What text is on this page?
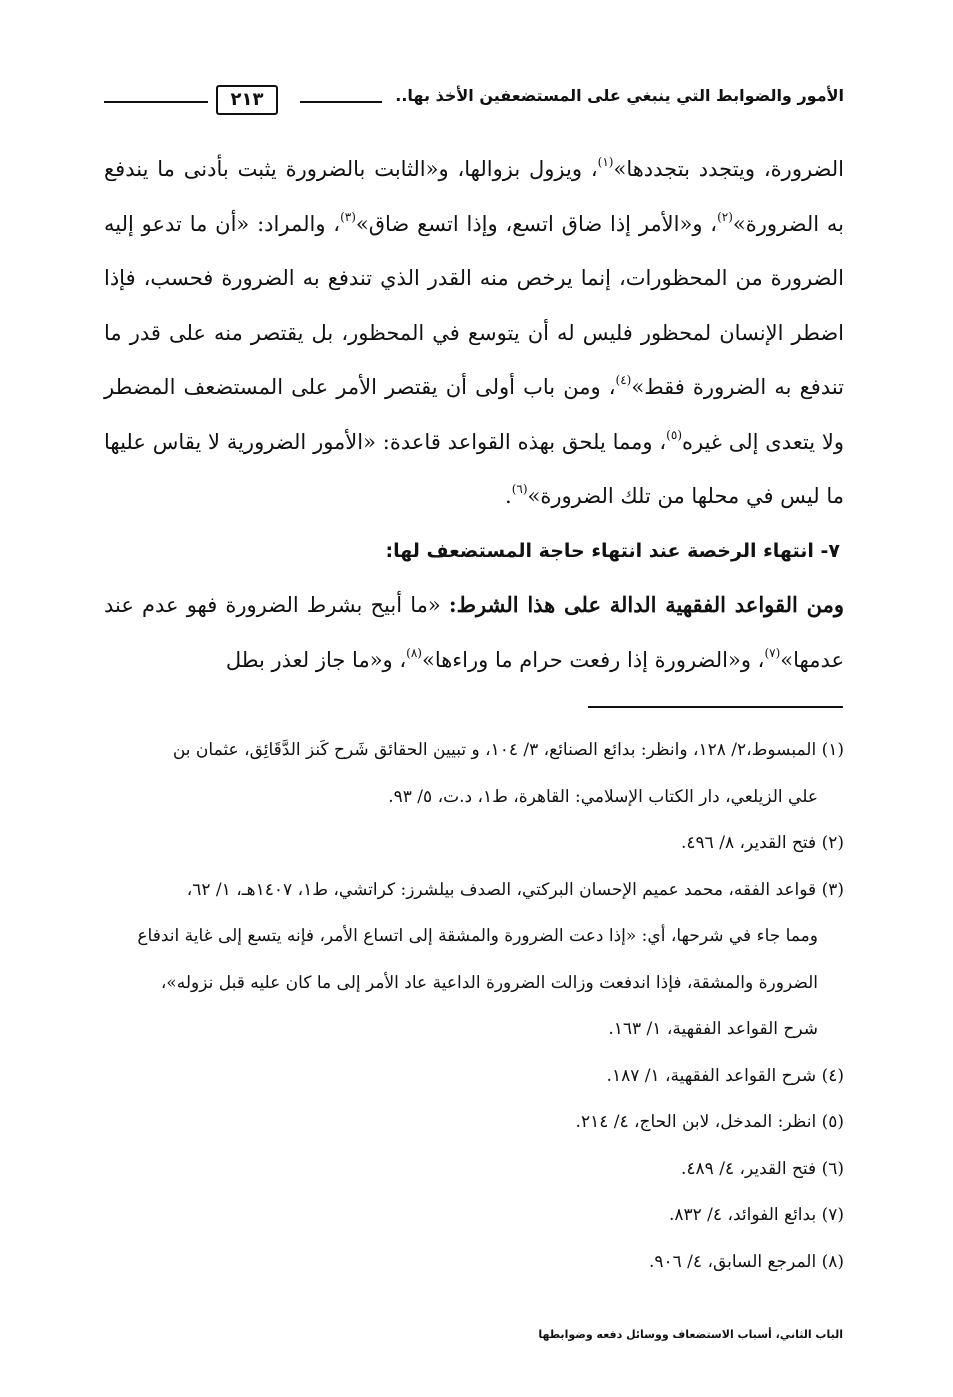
الأمور والضوابط التي ينبغي على المستضعفين الأخذ بها..
٢١٣

الضرورة، ويتجدد بتجددها»$^{(١)}$، ويزول بزوالها، و«الثابت بالضرورة يثبت بأدنى ما يندفع به الضرورة»$^{(٢)}$، و«الأمر إذا ضاق اتسع، وإذا اتسع ضاق»$^{(٣)}$، والمراد: «أن ما تدعو إليه الضرورة من المحظورات، إنما يرخص منه القدر الذي تندفع به الضرورة فحسب، فإذا اضطر الإنسان لمحظور فليس له أن يتوسع في المحظور، بل يقتصر منه على قدر ما تندفع به الضرورة فقط»$^{(٤)}$، ومن باب أولى أن يقتصر الأمر على المستضعف المضطر ولا يتعدى إلى غيره$^{(٥)}$، ومما يلحق بهذه القواعد قاعدة: «الأمور الضرورية لا يقاس عليها ما ليس في محلها من تلك الضرورة»$^{(٦)}$.

٧- انتهاء الرخصة عند انتهاء حاجة المستضعف لها:

ومن القواعد الفقهية الدالة على هذا الشرط: «ما أبيح بشرط الضرورة فهو عدم عند عدمها»$^{(٧)}$، و«الضرورة إذا رفعت حرام ما وراءها»$^{(٨)}$، و«ما جاز لعذر بطل

(١) المبسوط،٢/ ١٢٨، وانظر: بدائع الصنائع، ٣/ ١٠٤، و تبيين الحقائق شَرح كَنز الدَّقَائِق، عثمان بن

علي الزيلعي، دار الكتاب الإسلامي: القاهرة، ط١، د.ت، ٥/ ٩٣.

(٢) فتح القدير، ٨/ ٤٩٦.

(٣) قواعد الفقه، محمد عميم الإحسان البركتي، الصدف بيلشرز: كراتشي، ط١، ١٤٠٧هـ، ١/ ٦٢،

ومما جاء في شرحها، أي: «إذا دعت الضرورة والمشقة إلى اتساع الأمر، فإنه يتسع إلى غاية اندفاع

الضرورة والمشقة، فإذا اندفعت وزالت الضرورة الداعية عاد الأمر إلى ما كان عليه قبل نزوله»،

شرح القواعد الفقهية، ١/ ١٦٣.

(٤) شرح القواعد الفقهية، ١/ ١٨٧.

(٥) انظر: المدخل، لابن الحاج، ٤/ ٢١٤.

(٦) فتح القدير، ٤/ ٤٨٩.

(٧) بدائع الفوائد، ٤/ ٨٣٢.

(٨) المرجع السابق، ٤/ ٩٠٦.

الباب الثاني، أسباب الاستضعاف ووسائل دفعه وضوابطها
